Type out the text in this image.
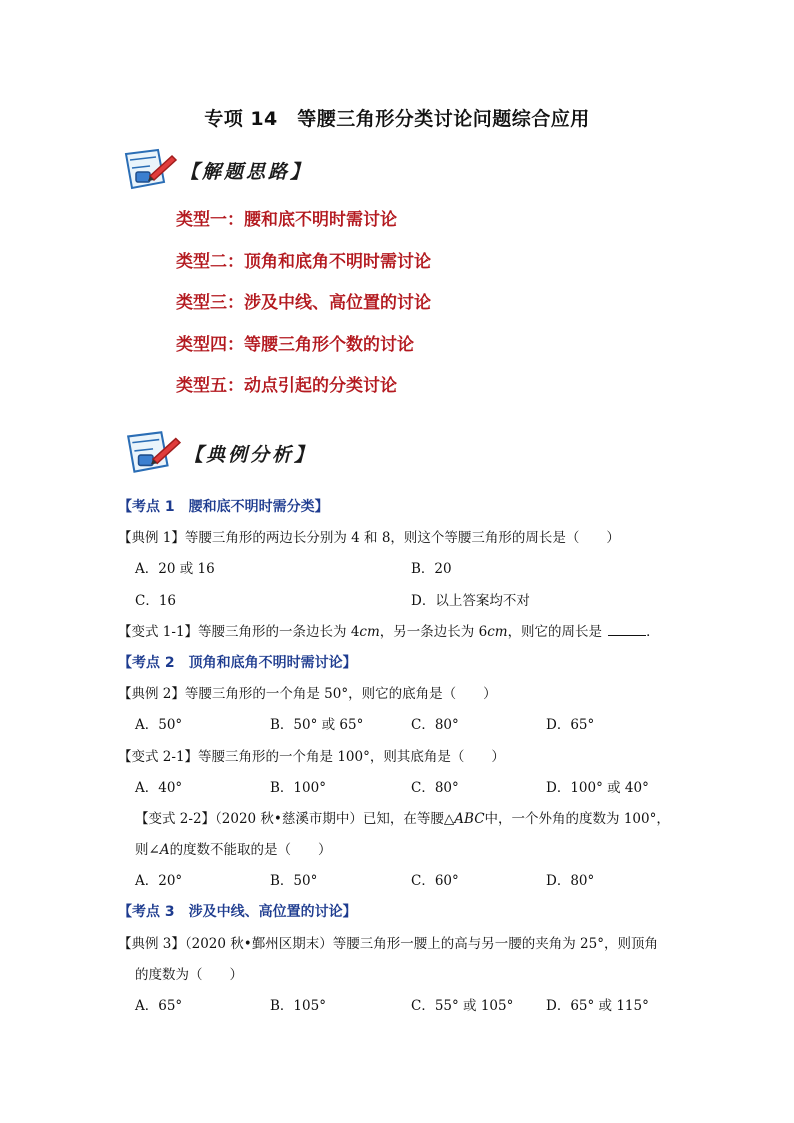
专项 14　等腰三角形分类讨论问题综合应用
【解题思路】
类型一：腰和底不明时需讨论
类型二：顶角和底角不明时需讨论
类型三：涉及中线、高位置的讨论
类型四：等腰三角形个数的讨论
类型五：动点引起的分类讨论
【典例分析】
【考点 1　腰和底不明时需分类】
【典例 1】等腰三角形的两边长分别为 4 和 8，则这个等腰三角形的周长是（　　）
A．20 或 16	B．20
C．16	D．以上答案均不对
【变式 1-1】等腰三角形的一条边长为 4cm，另一条边长为 6cm，则它的周长是	．
【考点 2　顶角和底角不明时需讨论】
【典例 2】等腰三角形的一个角是 50°，则它的底角是（　　）
A．50°	B．50° 或 65°	C．80°	D．65°
【变式 2-1】等腰三角形的一个角是 100°，则其底角是（　　）
A．40°	B．100°	C．80°	D．100° 或 40°
【变式 2-2】（2020 秋•慈溪市期中）已知，在等腰△ABC中，一个外角的度数为 100°，
则∠A的度数不能取的是（　　）
A．20°	B．50°	C．60°	D．80°
【考点 3　涉及中线、高位置的讨论】
【典例 3】（2020 秋•鄞州区期末）等腰三角形一腰上的高与另一腰的夹角为 25°，则顶角
的度数为（　　）
A．65°	B．105°	C．55° 或 105° D．65° 或 115°
